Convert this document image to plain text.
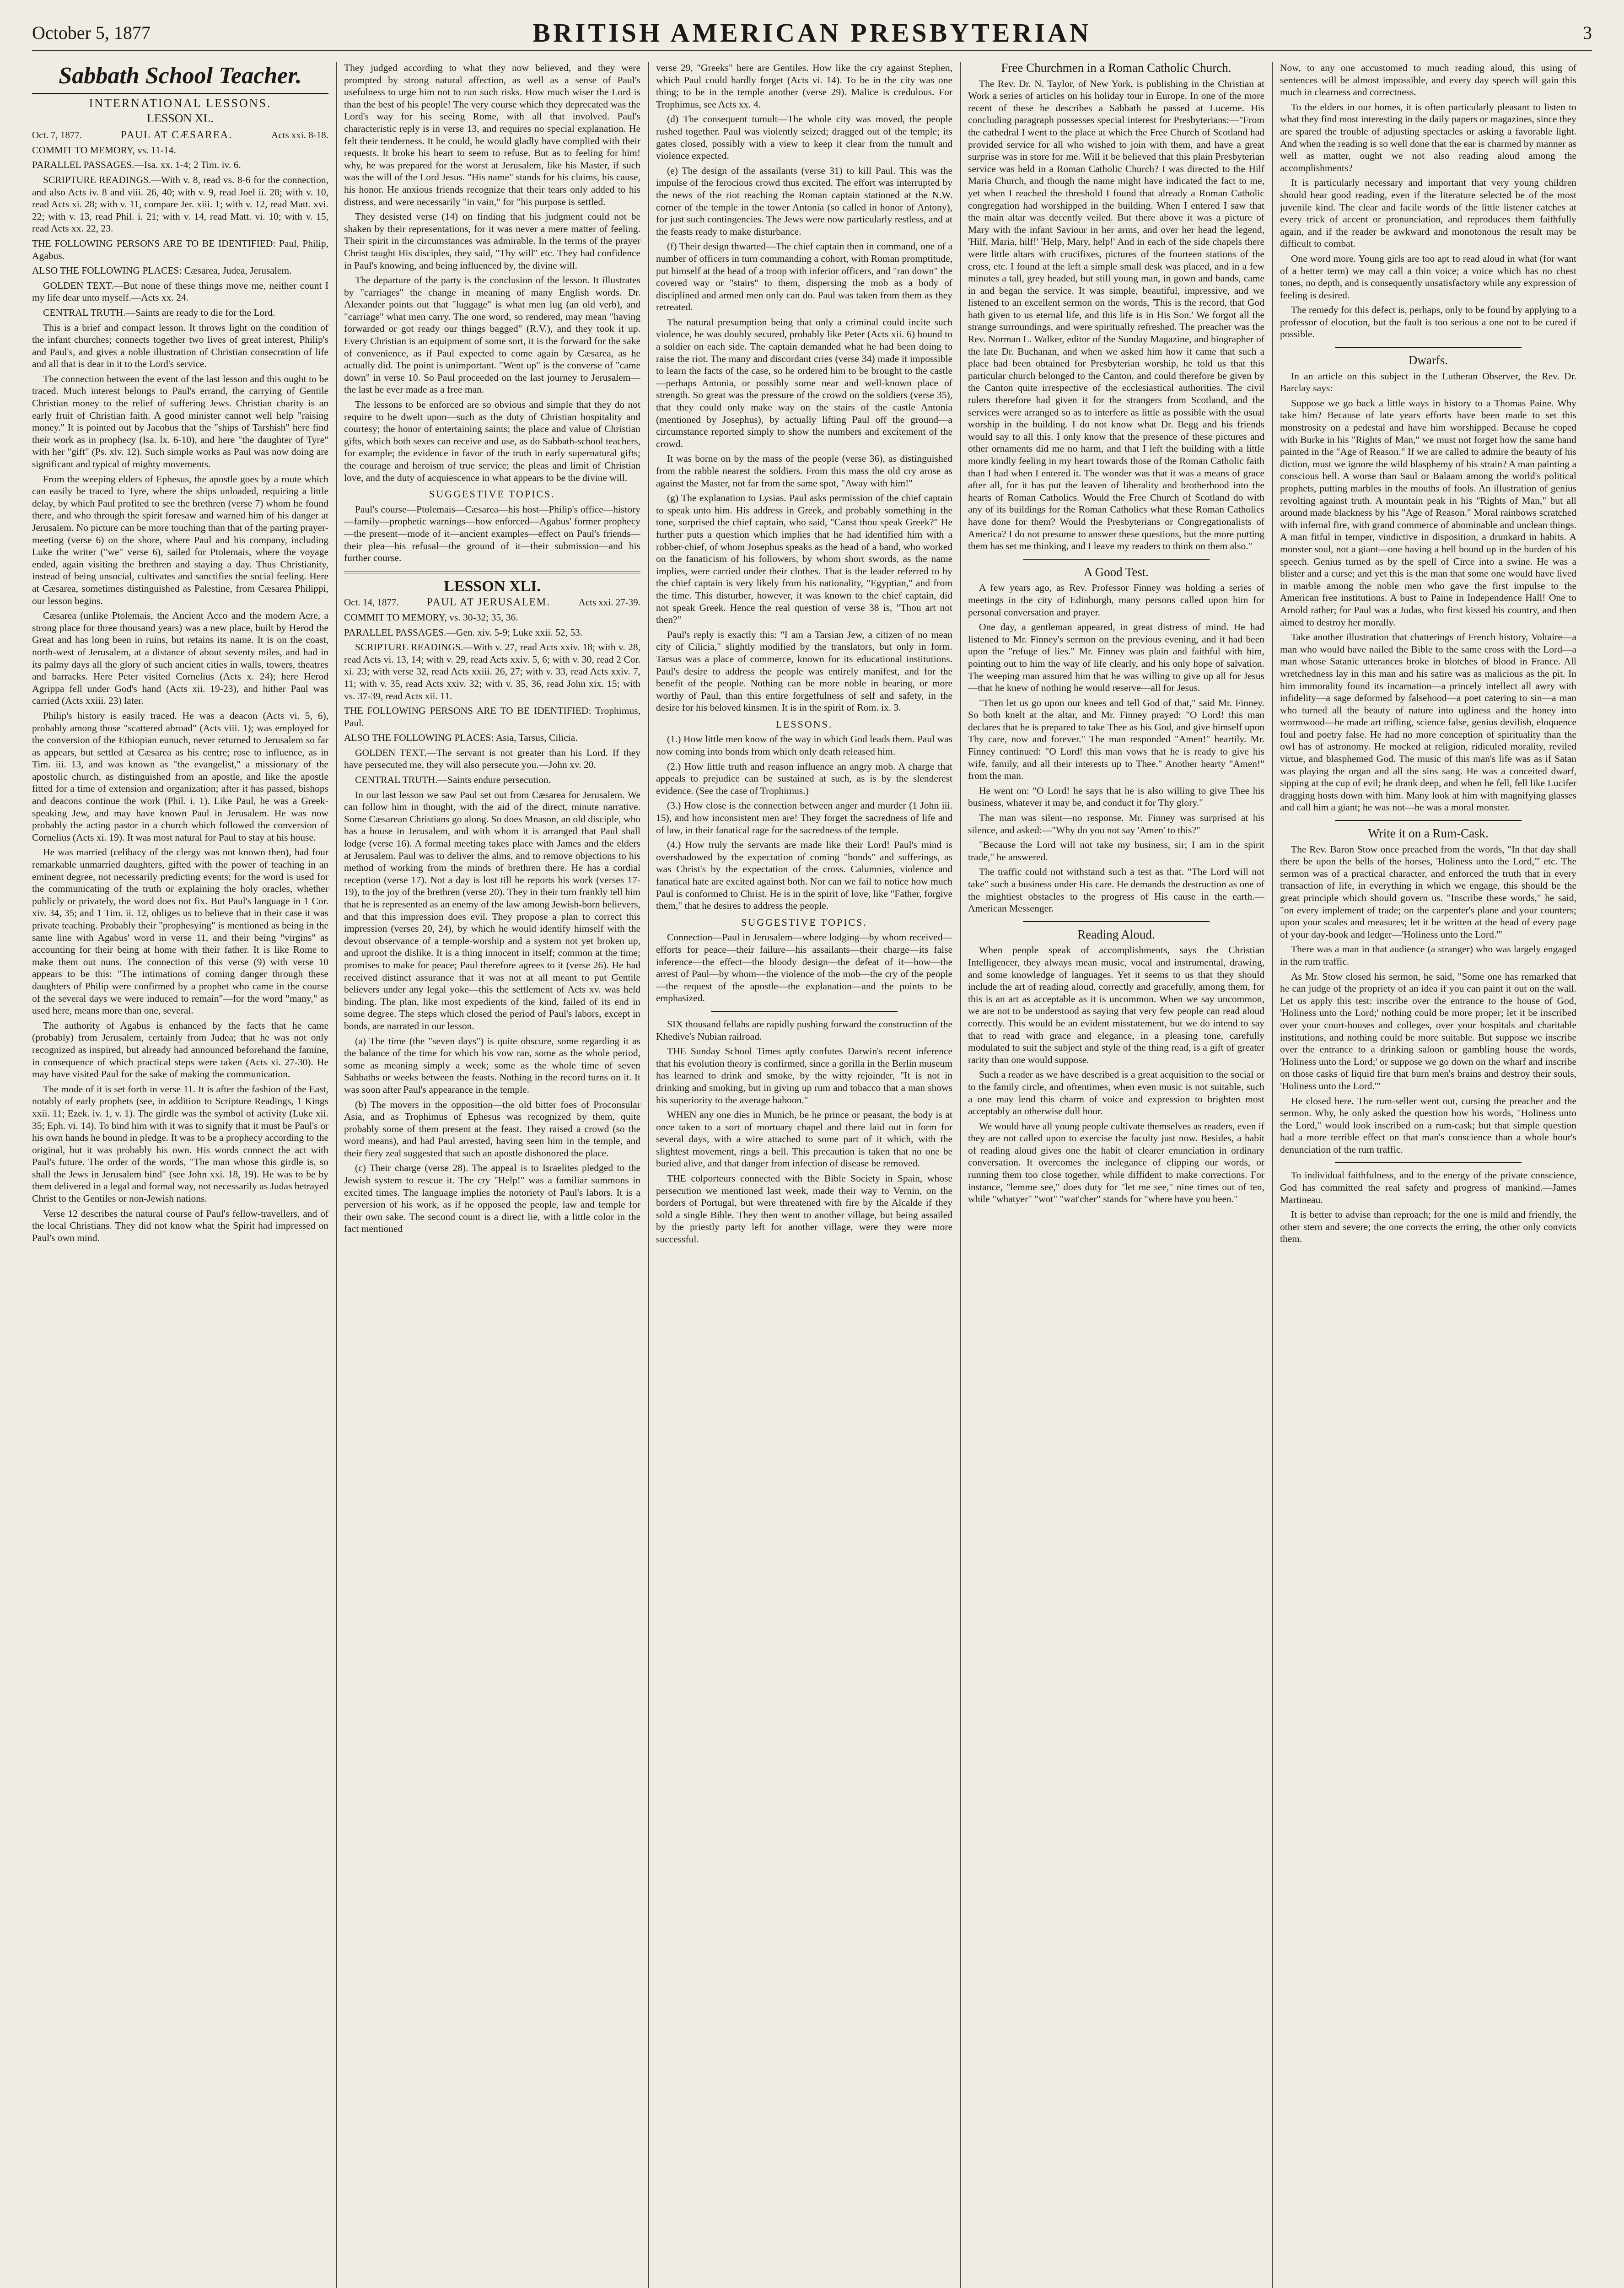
October 5, 1877	BRITISH AMERICAN PRESBYTERIAN	3
Sabbath School Teacher.
INTERNATIONAL LESSONS.
LESSON XL.
Oct. 7, 1877.	PAUL AT CÆSAREA.	Acts xxi. 8-18.

COMMIT TO MEMORY, vs. 11-14.

PARALLEL PASSAGES.—Isa. xx. 1-4; 2 Tim. iv. 6.

SCRIPTURE READINGS.—With v. 8, read vs. 8-6 for the connection, and also Acts iv. 8 and viii. 26, 40; with v. 9, read Joel ii. 28; with v. 10, read Acts xi. 28; with v. 11, compare Jer. xiii. 1; with v. 12, read Matt. xvi. 22; with v. 13, read Phil. i. 21; with v. 14, read Matt. vi. 10; with v. 15, read Acts xx. 22, 23.

THE FOLLOWING PERSONS ARE TO BE IDENTIFIED: Paul, Philip, Agabus.

ALSO THE FOLLOWING PLACES: Cæsarea, Judea, Jerusalem.

GOLDEN TEXT.—But none of these things move me, neither count I my life dear unto myself.—Acts xx. 24.

CENTRAL TRUTH.—Saints are ready to die for the Lord.

This is a brief and compact lesson. It throws light on the condition of the infant churches; connects together two lives of great interest, Philip's and Paul's, and gives a noble illustration of Christian consecration of life and all that is dear in it to the Lord's service.

The connection between the event of the last lesson and this ought to be traced. Much interest belongs to Paul's errand, the carrying of Gentile Christian money to the relief of suffering Jews. Christian charity is an early fruit of Christian faith. A good minister cannot well help "raising money." It is pointed out by Jacobus that the "ships of Tarshish" here find their work as in prophecy (Isa. lx. 6-10), and here "the daughter of Tyre" with her "gift" (Ps. xlv. 12). Such simple works as Paul was now doing are significant and typical of mighty movements.

From the weeping elders of Ephesus, the apostle goes by a route which can easily be traced to Tyre, where the ships unloaded, requiring a little delay, by which Paul profited to see the brethren (verse 7) whom he found there, and who through the spirit foresaw and warned him of his danger at Jerusalem. No picture can be more touching than that of the parting prayer-meeting (verse 6) on the shore, where Paul and his company, including Luke the writer ("we" verse 6), sailed for Ptolemais, where the voyage ended, again visiting the brethren and staying a day. Thus Christianity, instead of being unsocial, cultivates and sanctifies the social feeling. Here at Cæsarea, sometimes distinguished as Palestine, from Cæsarea Philippi, our lesson begins.

Cæsarea (unlike Ptolemais, the Ancient Acco and the modern Acre, a strong place for three thousand years) was a new place, built by Herod the Great and has long been in ruins, but retains its name. It is on the coast, north-west of Jerusalem, at a distance of about seventy miles, and had in its palmy days all the glory of such ancient cities in walls, towers, theatres and barracks. Here Peter visited Cornelius (Acts x. 24); here Herod Agrippa fell under God's hand (Acts xii. 19-23), and hither Paul was carried (Acts xxiii. 23) later.

Philip's history is easily traced. He was a deacon (Acts vi. 5, 6), probably among those "scattered abroad" (Acts viii. 1); was employed for the conversion of the Ethiopian eunuch, never returned to Jerusalem so far as appears, but settled at Cæsarea as his centre; rose to influence, as in Tim. iii. 13, and was known as "the evangelist," a missionary of the apostolic church, as distinguished from an apostle, and like the apostle fitted for a time of extension and organization; after it has passed, bishops and deacons continue the work (Phil. i. 1). Like Paul, he was a Greek-speaking Jew, and may have known Paul in Jerusalem. He was now probably the acting pastor in a church which followed the conversion of Cornelius (Acts xi. 19). It was most natural for Paul to stay at his house.

He was married (celibacy of the clergy was not known then), had four remarkable unmarried daughters, gifted with the power of teaching in an eminent degree, not necessarily predicting events; for the word is used for the communicating of the truth or explaining the holy oracles, whether publicly or privately, the word does not fix. But Paul's language in 1 Cor. xiv. 34, 35; and 1 Tim. ii. 12, obliges us to believe that in their case it was private teaching. Probably their "prophesying" is mentioned as being in the same line with Agabus' word in verse 11, and their being "virgins" as accounting for their being at home with their father. It is like Rome to make them out nuns. The connection of this verse (9) with verse 10 appears to be this: "The intimations of coming danger through these daughters of Philip were confirmed by a prophet who came in the course of the several days we were induced to remain"—for the word "many," as used here, means more than one, several.

The authority of Agabus is enhanced by the facts that he came (probably) from Jerusalem, certainly from Judea; that he was not only recognized as inspired, but already had announced beforehand the famine, in consequence of which practical steps were taken (Acts xi. 27-30). He may have visited Paul for the sake of making the communication.

The mode of it is set forth in verse 11. It is after the fashion of the East, notably of early prophets (see, in addition to Scripture Readings, 1 Kings xxii. 11; Ezek. iv. 1, v. 1). The girdle was the symbol of activity (Luke xii. 35; Eph. vi. 14). To bind him with it was to signify that it must be Paul's or his own hands he bound in pledge. It was to be a prophecy according to the original, but it was probably his own. His words connect the act with Paul's future. The order of the words, "The man whose this girdle is, so shall the Jews in Jerusalem bind" (see John xxi. 18, 19). He was to be by them delivered in a legal and formal way, not necessarily as Judas betrayed Christ to the Gentiles or non-Jewish nations.

Verse 12 describes the natural course of Paul's fellow-travellers, and of the local Christians. They did not know what the Spirit had impressed on Paul's own mind.

They judged according to what they now believed, and they were prompted by strong natural affection, as well as a sense of Paul's usefulness to urge him not to run such risks. How much wiser the Lord is than the best of his people! The very course which they deprecated was the Lord's way for his seeing Rome, with all that involved. Paul's characteristic reply is in verse 13, and requires no special explanation. He felt their tenderness. It he could, he would gladly have complied with their requests. It broke his heart to seem to refuse. But as to feeling for him! why, he was prepared for the worst at Jerusalem, like his Master, if such was the will of the Lord Jesus. "His name" stands for his claims, his cause, his honor. He anxious friends recognize that their tears only added to his distress, and were necessarily "in vain," for "his purpose is settled.

They desisted verse (14) on finding that his judgment could not be shaken by their representations, for it was never a mere matter of feeling. Their spirit in the circumstances was admirable. In the terms of the prayer Christ taught His disciples, they said, "Thy will" etc. They had confidence in Paul's knowing, and being influenced by, the divine will.

The departure of the party is the conclusion of the lesson. It illustrates by "carriages" the change in meaning of many English words. Dr. Alexander points out that "luggage" is what men lug (an old verb), and "carriage" what men carry. The one word, so rendered, may mean "having forwarded or got ready our things bagged" (R.V.), and they took it up. Every Christian is an equipment of some sort, it is the forward for the sake of convenience, as if Paul expected to come again by Cæsarea, as he actually did. The point is unimportant. "Went up" is the converse of "came down" in verse 10. So Paul proceeded on the last journey to Jerusalem—the last he ever made as a free man.

The lessons to be enforced are so obvious and simple that they do not require to be dwelt upon—such as the duty of Christian hospitality and courtesy; the honor of entertaining saints; the place and value of Christian gifts, which both sexes can receive and use, as do Sabbath-school teachers, for example; the evidence in favor of the truth in early supernatural gifts; the courage and heroism of true service; the pleas and limit of Christian love, and the duty of acquiescence in what appears to be the divine will.

SUGGESTIVE TOPICS.

Paul's course—Ptolemais—Cæsarea—his host—Philip's office—history—family—prophetic warnings—how enforced—Agabus' former prophecy—the present—mode of it—ancient examples—effect on Paul's friends—their plea—his refusal—the ground of it—their submission—and his further course.

LESSON XLI.
Oct. 14, 1877.	PAUL AT JERUSALEM.	Acts xxi. 27-39.

COMMIT TO MEMORY, vs. 30-32; 35, 36.

PARALLEL PASSAGES.—Gen. xiv. 5-9; Luke xxii. 52, 53.

SCRIPTURE READINGS.—With v. 27, read Acts xxiv. 18; with v. 28, read Acts vi. 13, 14; with v. 29, read Acts xxiv. 5, 6; with v. 30, read 2 Cor. xi. 23; with verse 32, read Acts xxiii. 26, 27; with v. 33, read Acts xxiv. 7, 11; with v. 35, read Acts xxiv. 32; with v. 35, 36, read John xix. 15; with vs. 37-39, read Acts xii. 11.

THE FOLLOWING PERSONS ARE TO BE IDENTIFIED: Trophimus, Paul.

ALSO THE FOLLOWING PLACES: Asia, Tarsus, Cilicia.

GOLDEN TEXT.—The servant is not greater than his Lord. If they have persecuted me, they will also persecute you.—John xv. 20.

CENTRAL TRUTH.—Saints endure persecution.

In our last lesson we saw Paul set out from Cæsarea for Jerusalem. We can follow him in thought, with the aid of the direct, minute narrative. Some Cæsarean Christians go along. So does Mnason, an old disciple, who has a house in Jerusalem, and with whom it is arranged that Paul shall lodge (verse 16). A formal meeting takes place with James and the elders at Jerusalem. Paul was to deliver the alms, and to remove objections to his method of working from the minds of brethren there. He has a cordial reception (verse 17). Not a day is lost till he reports his work (verses 17-19), to the joy of the brethren (verse 20). They in their turn frankly tell him that he is represented as an enemy of the law among Jewish-born believers, and that this impression does evil. They propose a plan to correct this impression (verses 20, 24), by which he would identify himself with the devout observance of a temple-worship and a system not yet broken up, and uproot the dislike. It is a thing innocent in itself; common at the time; promises to make for peace; Paul therefore agrees to it (verse 26). He had received distinct assurance that it was not at all meant to put Gentile believers under any legal yoke—this the settlement of Acts xv. was held binding. The plan, like most expedients of the kind, failed of its end in some degree. The steps which closed the period of Paul's labors, except in bonds, are narrated in our lesson.

(a) The time (the "seven days") is quite obscure, some regarding it as the balance of the time for which his vow ran, some as the whole period, some as meaning simply a week; some as the whole time of seven Sabbaths or weeks between the feasts. Nothing in the record turns on it. It was soon after Paul's appearance in the temple.

(b) The movers in the opposition—the old bitter foes of Proconsular Asia, and as Trophimus of Ephesus was recognized by them, quite probably some of them present at the feast. They raised a crowd (so the word means), and had Paul arrested, having seen him in the temple, and their fiery zeal suggested that such an apostle dishonored the place.

(c) Their charge (verse 28). The appeal is to Israelites pledged to the Jewish system to rescue it. The cry "Help!" was a familiar summons in excited times. The language implies the notoriety of Paul's labors. It is a perversion of his work, as if he opposed the people, law and temple for their own sake. The second count is a direct lie, with a little color in the fact mentioned

verse 29, "Greeks" here are Gentiles. How like the cry against Stephen, which Paul could hardly forget (Acts vi. 14). To be in the city was one thing; to be in the temple another (verse 29). Malice is credulous. For Trophimus, see Acts xx. 4.

(d) The consequent tumult—The whole city was moved, the people rushed together. Paul was violently seized; dragged out of the temple; its gates closed, possibly with a view to keep it clear from the tumult and violence expected.

(e) The design of the assailants (verse 31) to kill Paul. This was the impulse of the ferocious crowd thus excited. The effort was interrupted by the news of the riot reaching the Roman captain stationed at the N.W. corner of the temple in the tower Antonia (so called in honor of Antony), for just such contingencies. The Jews were now particularly restless, and at the feasts ready to make disturbance.

(f) Their design thwarted—The chief captain then in command, one of a number of officers in turn commanding a cohort, with Roman promptitude, put himself at the head of a troop with inferior officers, and "ran down" the covered way or "stairs" to them, dispersing the mob as a body of disciplined and armed men only can do. Paul was taken from them as they retreated.

The natural presumption being that only a criminal could incite such violence, he was doubly secured, probably like Peter (Acts xii. 6) bound to a soldier on each side. The captain demanded what he had been doing to raise the riot. The many and discordant cries (verse 34) made it impossible to learn the facts of the case, so he ordered him to be brought to the castle—perhaps Antonia, or possibly some near and well-known place of strength. So great was the pressure of the crowd on the soldiers (verse 35), that they could only make way on the stairs of the castle Antonia (mentioned by Josephus), by actually lifting Paul off the ground—a circumstance reported simply to show the numbers and excitement of the crowd.

It was borne on by the mass of the people (verse 36), as distinguished from the rabble nearest the soldiers. From this mass the old cry arose as against the Master, not far from the same spot, "Away with him!"

(g) The explanation to Lysias. Paul asks permission of the chief captain to speak unto him. His address in Greek, and probably something in the tone, surprised the chief captain, who said, "Canst thou speak Greek?" He further puts a question which implies that he had identified him with a robber-chief, of whom Josephus speaks as the head of a band, who worked on the fanaticism of his followers, by whom short swords, as the name implies, were carried under their clothes. That is the leader referred to by the chief captain is very likely from his nationality, "Egyptian," and from the time. This disturber, however, it was known to the chief captain, did not speak Greek. Hence the real question of verse 38 is, "Thou art not then?"

Paul's reply is exactly this: "I am a Tarsian Jew, a citizen of no mean city of Cilicia," slightly modified by the translators, but only in form. Tarsus was a place of commerce, known for its educational institutions. Paul's desire to address the people was entirely manifest, and for the benefit of the people. Nothing can be more noble in bearing, or more worthy of Paul, than this entire forgetfulness of self and safety, in the desire for his beloved kinsmen. It is in the spirit of Rom. ix. 3.

LESSONS.

(1.) How little men know of the way in which God leads them. Paul was now coming into bonds from which only death released him.

(2.) How little truth and reason influence an angry mob. A charge that appeals to prejudice can be sustained at such, as is by the slenderest evidence. (See the case of Trophimus.)

(3.) How close is the connection between anger and murder (1 John iii. 15), and how inconsistent men are! They forget the sacredness of life and of law, in their fanatical rage for the sacredness of the temple.

(4.) How truly the servants are made like their Lord! Paul's mind is overshadowed by the expectation of coming "bonds" and sufferings, as was Christ's by the expectation of the cross. Calumnies, violence and fanatical hate are excited against both. Nor can we fail to notice how much Paul is conformed to Christ. He is in the spirit of love, like "Father, forgive them," that he desires to address the people.

SUGGESTIVE TOPICS.

Connection—Paul in Jerusalem—where lodging—by whom received—efforts for peace—their failure—his assailants—their charge—its false inference—the effect—the bloody design—the defeat of it—how—the arrest of Paul—by whom—the violence of the mob—the cry of the people—the request of the apostle—the explanation—and the points to be emphasized.

SIX thousand fellahs are rapidly pushing forward the construction of the Khedive's Nubian railroad.

THE Sunday School Times aptly confutes Darwin's recent inference that his evolution theory is confirmed, since a gorilla in the Berlin museum has learned to drink and smoke, by the witty rejoinder, "It is not in drinking and smoking, but in giving up rum and tobacco that a man shows his superiority to the average baboon."

WHEN any one dies in Munich, be he prince or peasant, the body is at once taken to a sort of mortuary chapel and there laid out in form for several days, with a wire attached to some part of it which, with the slightest movement, rings a bell. This precaution is taken that no one be buried alive, and that danger from infection of disease be removed.

THE colporteurs connected with the Bible Society in Spain, whose persecution we mentioned last week, made their way to Vernin, on the borders of Portugal, but were threatened with fire by the Alcalde if they sold a single Bible. They then went to another village, but being assailed by the priestly party left for another village, were they were more successful.

Free Churchmen in a Roman Catholic Church.

The Rev. Dr. N. Taylor, of New York, is publishing in the Christian at Work a series of articles on his holiday tour in Europe. In one of the more recent of these he describes a Sabbath he passed at Lucerne. His concluding paragraph possesses special interest for Presbyterians:—"From the cathedral I went to the place at which the Free Church of Scotland had provided service for all who wished to join with them, and have a great surprise was in store for me. Will it be believed that this plain Presbyterian service was held in a Roman Catholic Church? I was directed to the Hilf Maria Church, and though the name might have indicated the fact to me, yet when I reached the threshold I found that already a Roman Catholic congregation had worshipped in the building. When I entered I saw that the main altar was decently veiled. But there above it was a picture of Mary with the infant Saviour in her arms, and over her head the legend, 'Hilf, Maria, hilf!' 'Help, Mary, help!' And in each of the side chapels there were little altars with crucifixes, pictures of the fourteen stations of the cross, etc. I found at the left a simple small desk was placed, and in a few minutes a tall, grey headed, but still young man, in gown and bands, came in and began the service. It was simple, beautiful, impressive, and we listened to an excellent sermon on the words, 'This is the record, that God hath given to us eternal life, and this life is in His Son.' We forgot all the strange surroundings, and were spiritually refreshed. The preacher was the Rev. Norman L. Walker, editor of the Sunday Magazine, and biographer of the late Dr. Buchanan, and when we asked him how it came that such a place had been obtained for Presbyterian worship, he told us that this particular church belonged to the Canton, and could therefore be given by the Canton quite irrespective of the ecclesiastical authorities. The civil rulers therefore had given it for the strangers from Scotland, and the services were arranged so as to interfere as little as possible with the usual worship in the building. I do not know what Dr. Begg and his friends would say to all this. I only know that the presence of these pictures and other ornaments did me no harm, and that I left the building with a little more kindly feeling in my heart towards those of the Roman Catholic faith than I had when I entered it. The wonder was that it was a means of grace after all, for it has put the leaven of liberality and brotherhood into the hearts of Roman Catholics. Would the Free Church of Scotland do with any of its buildings for the Roman Catholics what these Roman Catholics have done for them? Would the Presbyterians or Congregationalists of America? I do not presume to answer these questions, but the more putting them has set me thinking, and I leave my readers to think on them also."

A Good Test.

A few years ago, as Rev. Professor Finney was holding a series of meetings in the city of Edinburgh, many persons called upon him for personal conversation and prayer.

One day, a gentleman appeared, in great distress of mind. He had listened to Mr. Finney's sermon on the previous evening, and it had been upon the "refuge of lies." Mr. Finney was plain and faithful with him, pointing out to him the way of life clearly, and his only hope of salvation. The weeping man assured him that he was willing to give up all for Jesus—that he knew of nothing he would reserve—all for Jesus.

"Then let us go upon our knees and tell God of that," said Mr. Finney. So both knelt at the altar, and Mr. Finney prayed: "O Lord! this man declares that he is prepared to take Thee as his God, and give himself upon Thy care, now and forever." The man responded "Amen!" heartily. Mr. Finney continued: "O Lord! this man vows that he is ready to give his wife, family, and all their interests up to Thee." Another hearty "Amen!" from the man.

He went on: "O Lord! he says that he is also willing to give Thee his business, whatever it may be, and conduct it for Thy glory."

The man was silent—no response. Mr. Finney was surprised at his silence, and asked:—"Why do you not say 'Amen' to this?"

"Because the Lord will not take my business, sir; I am in the spirit trade," he answered.

The traffic could not withstand such a test as that. "The Lord will not take" such a business under His care. He demands the destruction as one of the mightiest obstacles to the progress of His cause in the earth.—American Messenger.

Reading Aloud.

When people speak of accomplishments, says the Christian Intelligencer, they always mean music, vocal and instrumental, drawing, and some knowledge of languages. Yet it seems to us that they should include the art of reading aloud, correctly and gracefully, among them, for this is an art as acceptable as it is uncommon. When we say uncommon, we are not to be understood as saying that very few people can read aloud correctly. This would be an evident misstatement, but we do intend to say that to read with grace and elegance, in a pleasing tone, carefully modulated to suit the subject and style of the thing read, is a gift of greater rarity than one would suppose.

Such a reader as we have described is a great acquisition to the social or to the family circle, and oftentimes, when even music is not suitable, such a one may lend this charm of voice and expression to brighten most acceptably an otherwise dull hour.

We would have all young people cultivate themselves as readers, even if they are not called upon to exercise the faculty just now. Besides, a habit of reading aloud gives one the habit of clearer enunciation in ordinary conversation. It overcomes the inelegance of clipping our words, or running them too close together, while diffident to make corrections. For instance, "lemme see," does duty for "let me see," nine times out of ten, while "whatyer" "wot" "wat'cher" stands for "where have you been."

Now, to any one accustomed to much reading aloud, this using of sentences will be almost impossible, and every day speech will gain this much in clearness and correctness.

To the elders in our homes, it is often particularly pleasant to listen to what they find most interesting in the daily papers or magazines, since they are spared the trouble of adjusting spectacles or asking a favorable light. And when the reading is so well done that the ear is charmed by manner as well as matter, ought we not also reading aloud among the accomplishments?

It is particularly necessary and important that very young children should hear good reading, even if the literature selected be of the most juvenile kind. The clear and facile words of the little listener catches at every trick of accent or pronunciation, and reproduces them faithfully again, and if the reader be awkward and monotonous the result may be difficult to combat.

One word more. Young girls are too apt to read aloud in what (for want of a better term) we may call a thin voice; a voice which has no chest tones, no depth, and is consequently unsatisfactory while any expression of feeling is desired.

The remedy for this defect is, perhaps, only to be found by applying to a professor of elocution, but the fault is too serious a one not to be cured if possible.

Dwarfs.

In an article on this subject in the Lutheran Observer, the Rev. Dr. Barclay says:

Suppose we go back a little ways in history to a Thomas Paine. Why take him? Because of late years efforts have been made to set this monstrosity on a pedestal and have him worshipped. Because he coped with Burke in his "Rights of Man," we must not forget how the same hand painted in the "Age of Reason." If we are called to admire the beauty of his diction, must we ignore the wild blasphemy of his strain? A man painting a conscious hell. A worse than Saul or Balaam among the world's political prophets, putting marbles in the mouths of fools. An illustration of genius revolting against truth. A mountain peak in his "Rights of Man," but all around made blackness by his "Age of Reason." Moral rainbows scratched with infernal fire, with grand commerce of abominable and unclean things. A man fitful in temper, vindictive in disposition, a drunkard in habits. A monster soul, not a giant—one having a hell bound up in the burden of his speech. Genius turned as by the spell of Circe into a swine. He was a blister and a curse; and yet this is the man that some one would have lived in marble among the noble men who gave the first impulse to the American free institutions. A bust to Paine in Independence Hall! One to Arnold rather; for Paul was a Judas, who first kissed his country, and then aimed to destroy her morally.

Take another illustration that chatterings of French history, Voltaire—a man who would have nailed the Bible to the same cross with the Lord—a man whose Satanic utterances broke in blotches of blood in France. All wretchedness lay in this man and his satire was as malicious as the pit. In him immorality found its incarnation—a princely intellect all awry with infidelity—a sage deformed by falsehood—a poet catering to sin—a man who turned all the beauty of nature into ugliness and the honey into wormwood—he made art trifling, science false, genius devilish, eloquence foul and poetry false. He had no more conception of spirituality than the owl has of astronomy. He mocked at religion, ridiculed morality, reviled virtue, and blasphemed God. The music of this man's life was as if Satan was playing the organ and all the sins sang. He was a conceited dwarf, sipping at the cup of evil; he drank deep, and when he fell, fell like Lucifer dragging hosts down with him. Many look at him with magnifying glasses and call him a giant; he was not—he was a moral monster.

Write it on a Rum-Cask.

The Rev. Baron Stow once preached from the words, "In that day shall there be upon the bells of the horses, 'Holiness unto the Lord,'" etc. The sermon was of a practical character, and enforced the truth that in every transaction of life, in everything in which we engage, this should be the great principle which should govern us. "Inscribe these words," he said, "on every implement of trade; on the carpenter's plane and your counters; upon your scales and measures; let it be written at the head of every page of your day-book and ledger—'Holiness unto the Lord.'"

There was a man in that audience (a stranger) who was largely engaged in the rum traffic.

As Mr. Stow closed his sermon, he said, "Some one has remarked that he can judge of the propriety of an idea if you can paint it out on the wall. Let us apply this test: inscribe over the entrance to the house of God, 'Holiness unto the Lord;' nothing could be more proper; let it be inscribed over your court-houses and colleges, over your hospitals and charitable institutions, and nothing could be more suitable. But suppose we inscribe over the entrance to a drinking saloon or gambling house the words, 'Holiness unto the Lord;' or suppose we go down on the wharf and inscribe on those casks of liquid fire that burn men's brains and destroy their souls, 'Holiness unto the Lord.'"

He closed here. The rum-seller went out, cursing the preacher and the sermon. Why, he only asked the question how his words, "Holiness unto the Lord," would look inscribed on a rum-cask; but that simple question had a more terrible effect on that man's conscience than a whole hour's denunciation of the rum traffic.

To individual faithfulness, and to the energy of the private conscience, God has committed the real safety and progress of mankind.—James Martineau.

It is better to advise than reproach; for the one is mild and friendly, the other stern and severe; the one corrects the erring, the other only convicts them.
